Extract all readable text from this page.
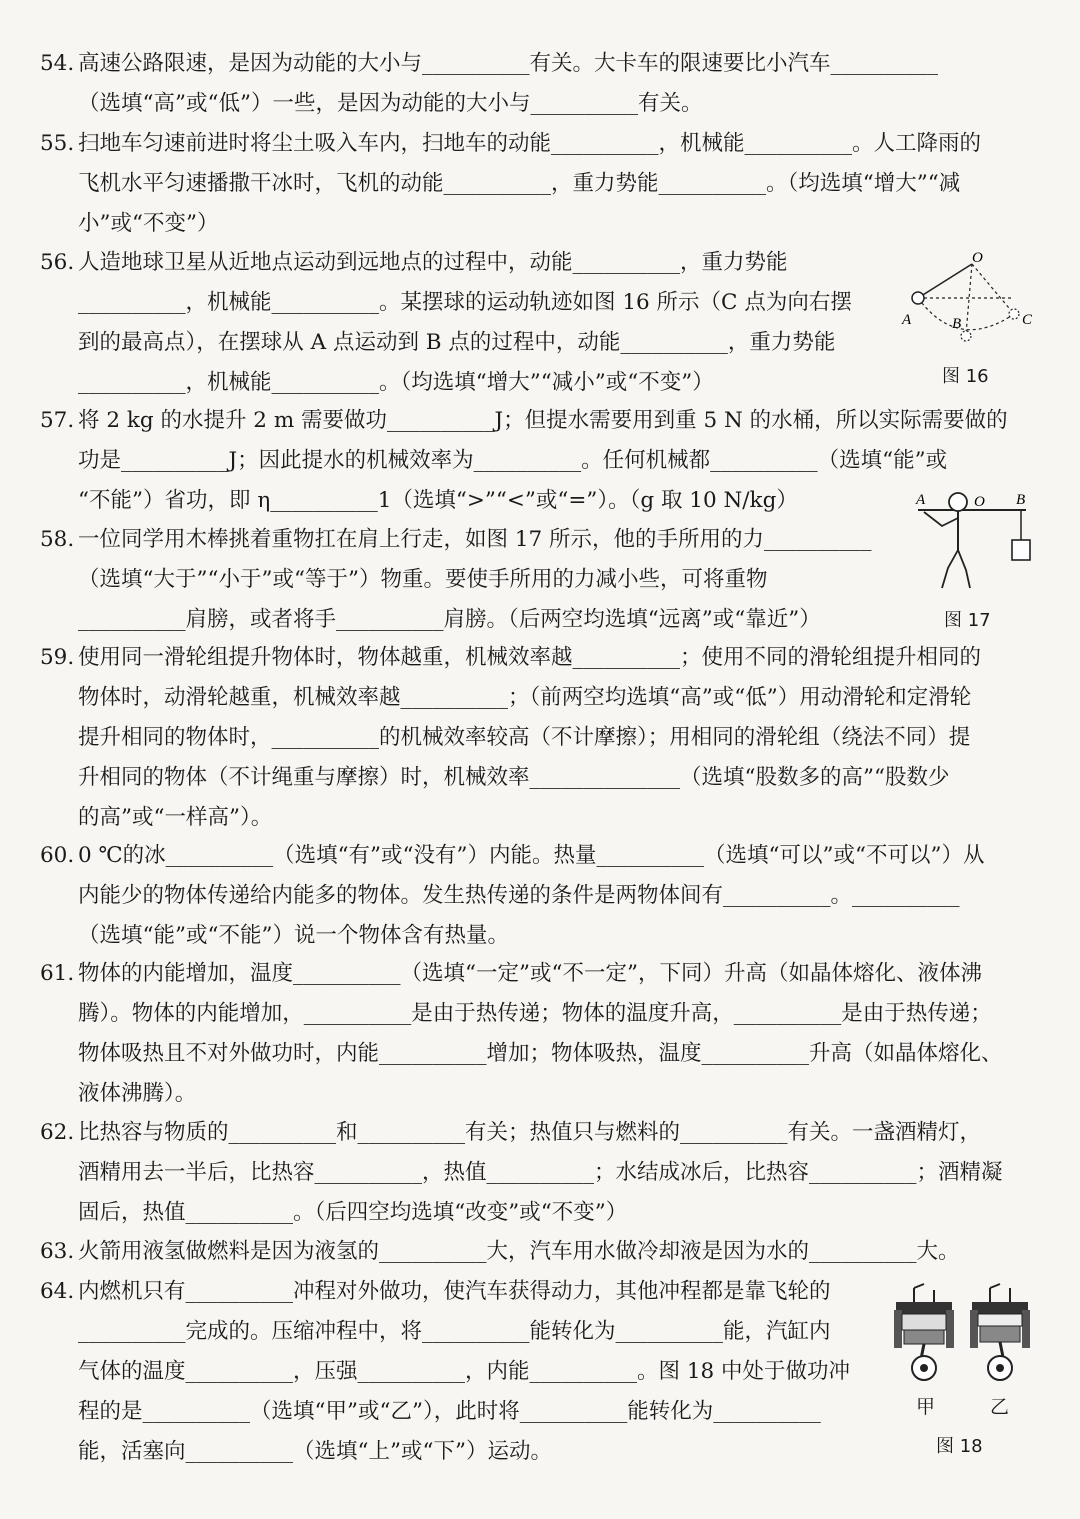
54. 高速公路限速，是因为动能的大小与__________有关。大卡车的限速要比小汽车__________
（选填“高”或“低”）一些，是因为动能的大小与__________有关。
55. 扫地车匀速前进时将尘土吸入车内，扫地车的动能__________，机械能__________。人工降雨的
飞机水平匀速播撒干冰时，飞机的动能__________，重力势能__________。（均选填“增大”“减
小”或“不变”）
56. 人造地球卫星从近地点运动到远地点的过程中，动能__________，重力势能
__________，机械能__________。某摆球的运动轨迹如图 16 所示（C 点为向右摆
到的最高点），在摆球从 A 点运动到 B 点的过程中，动能__________，重力势能
__________，机械能__________。（均选填“增大”“减小”或“不变”）
O
A	B	C
图 16
57. 将 2 kg 的水提升 2 m 需要做功__________J；但提水需要用到重 5 N 的水桶，所以实际需要做的
功是__________J；因此提水的机械效率为__________。任何机械都__________（选填“能”或
“不能”）省功，即 η__________1（选填“>”“<”或“=”）。（g 取 10 N/kg）
58. 一位同学用木棒挑着重物扛在肩上行走，如图 17 所示，他的手所用的力__________
（选填“大于”“小于”或“等于”）物重。要使手所用的力减小些，可将重物
__________肩膀，或者将手__________肩膀。（后两空均选填“远离”或“靠近”）
A	O B
图 17
59. 使用同一滑轮组提升物体时，物体越重，机械效率越__________；使用不同的滑轮组提升相同的
物体时，动滑轮越重，机械效率越__________；（前两空均选填“高”或“低”）用动滑轮和定滑轮
提升相同的物体时，__________的机械效率较高（不计摩擦）；用相同的滑轮组（绕法不同）提
升相同的物体（不计绳重与摩擦）时，机械效率______________（选填“股数多的高”“股数少
的高”或“一样高”）。
60. 0 ℃的冰__________（选填“有”或“没有”）内能。热量__________（选填“可以”或“不可以”）从
内能少的物体传递给内能多的物体。发生热传递的条件是两物体间有__________。__________
（选填“能”或“不能”）说一个物体含有热量。
61. 物体的内能增加，温度__________（选填“一定”或“不一定”，下同）升高（如晶体熔化、液体沸
腾）。物体的内能增加，__________是由于热传递；物体的温度升高，__________是由于热传递；
物体吸热且不对外做功时，内能__________增加；物体吸热，温度__________升高（如晶体熔化、
液体沸腾）。
62. 比热容与物质的__________和__________有关；热值只与燃料的__________有关。一盏酒精灯，
酒精用去一半后，比热容__________，热值__________；水结成冰后，比热容__________；酒精凝
固后，热值__________。（后四空均选填“改变”或“不变”）
63. 火箭用液氢做燃料是因为液氢的__________大，汽车用水做冷却液是因为水的__________大。
64. 内燃机只有__________冲程对外做功，使汽车获得动力，其他冲程都是靠飞轮的
__________完成的。压缩冲程中，将__________能转化为__________能，汽缸内
气体的温度__________，压强__________，内能__________。图 18 中处于做功冲
程的是__________（选填“甲”或“乙”），此时将__________能转化为__________
能，活塞向__________（选填“上”或“下”）运动。
甲	乙
图 18
